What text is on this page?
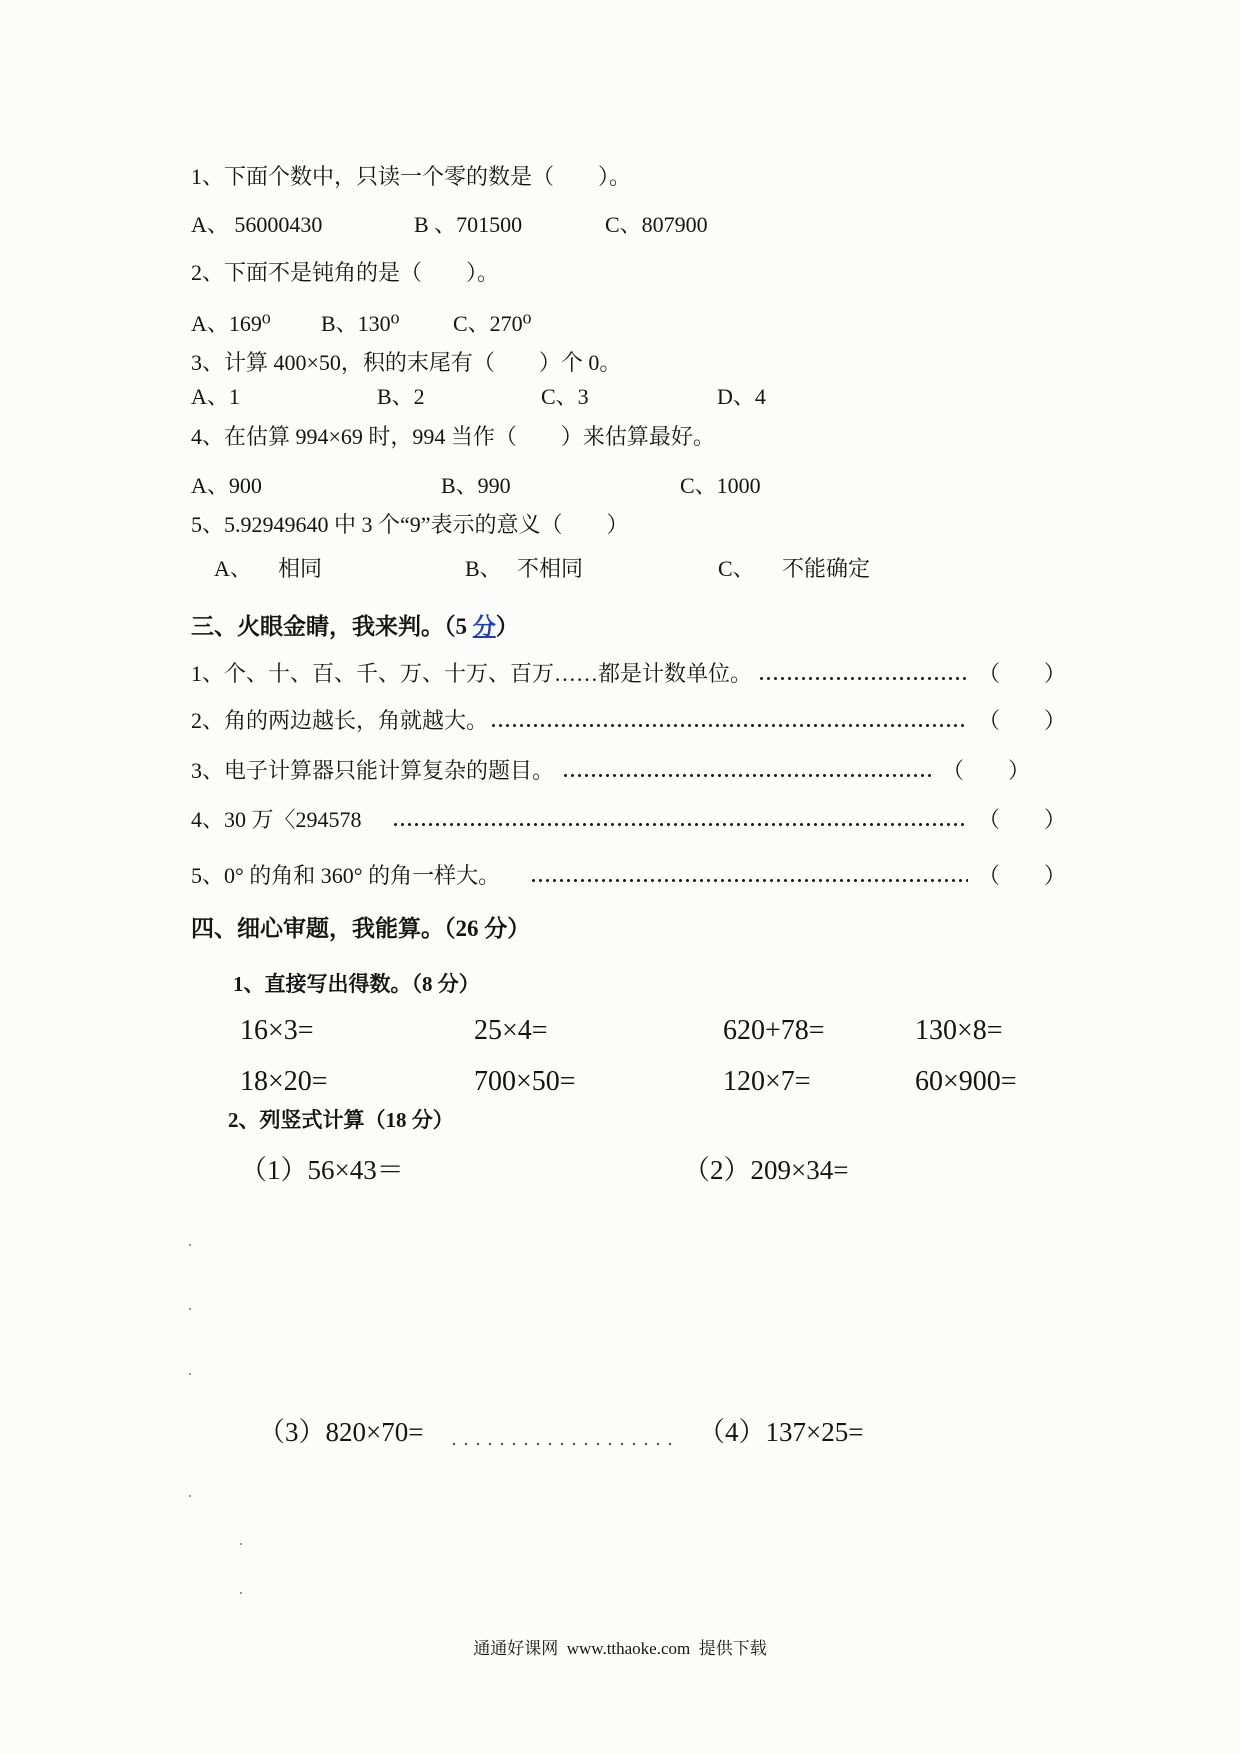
1、下面个数中，只读一个零的数是（　　）。
A、 56000430	B 、701500	C、807900
2、下面不是钝角的是（　　）。
A、169⁰ B、130⁰ C、270⁰
3、计算 400×50，积的末尾有（　　）个 0。
A、1	B、2	C、3	D、4
4、在估算 994×69 时，994 当作（　　）来估算最好。
A、900	B、990	C、1000
5、5.92949640 中 3 个“9”表示的意义（　　）
A、 相同	B、 不相同	C、 不能确定
三、火眼金睛，我来判。（5 分）
1、个、十、百、千、万、十万、百万……都是计数单位。	（　　）
2、角的两边越长，角就越大。	（　　）
3、电子计算器只能计算复杂的题目。	（　　）
4、30 万〈294578	（　　）
5、0° 的角和 360° 的角一样大。	（　　）
四、细心审题，我能算。（26 分）
1、直接写出得数。（8 分）
16×3=	25×4=	620+78=	130×8=
18×20=	700×50=	120×7=	60×900=
2、列竖式计算（18 分）
（1）56×43＝	（2）209×34=
（3）820×70=	（4）137×25=
通通好课网  www.tthaoke.com  提供下载
